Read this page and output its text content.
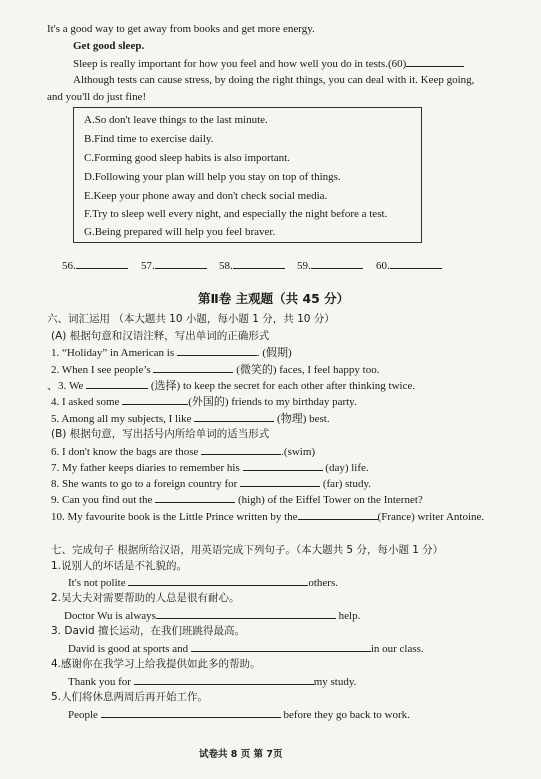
It's a good way to get away from books and get more energy.
Get good sleep.
Sleep is really important for how you feel and how well you do in tests.(60)
Although tests can cause stress, by doing the right things, you can deal with it. Keep going,
and you'll do just fine!
A.So don't leave things to the last minute.
B.Find time to exercise daily.
C.Forming good sleep habits is also important.
D.Following your plan will help you stay on top of things.
E.Keep your phone away and don't check social media.
F.Try to sleep well every night, and especially the night before a test.
G.Being prepared will help you feel braver.
56.	57.	58.	59.	60.
第Ⅱ卷 主观题（共 45 分）
六、词汇运用 （本大题共 10 小题，每小题 1 分，共 10 分）
(A) 根据句意和汉语注释，写出单词的正确形式
1. “Holiday” in American is	. (假期)
2. When I see people’s	(微笑的) faces, I feel happy too.
、3. We	(选择) to keep the secret for each other after thinking twice.
4. I asked some	(外国的) friends to my birthday party.
5. Among all my subjects, I like	(物理) best.
(B) 根据句意，写出括号内所给单词的适当形式
6. I don't know the bags are those	.(swim)
7. My father keeps diaries to remember his	(day) life.
8. She wants to go to a foreign country for	(far) study.
9. Can you find out the	(high) of the Eiffel Tower on the Internet?
10. My favourite book is the Little Prince written by the	(France) writer Antoine.
七、完成句子 根据所给汉语，用英语完成下列句子。（本大题共 5 分，每小题 1 分）
1.说别人的坏话是不礼貌的。
It's not polite	others.
2.吴大夫对需要帮助的人总是很有耐心。
Doctor Wu is always	help.
3. David 擅长运动，在我们班跳得最高。
David is good at sports and	in our class.
4.感谢你在我学习上给我提供如此多的帮助。
Thank you for	my study.
5.人们将休息两周后再开始工作。
People	before they go back to work.
试卷共 8 页 第 7页
